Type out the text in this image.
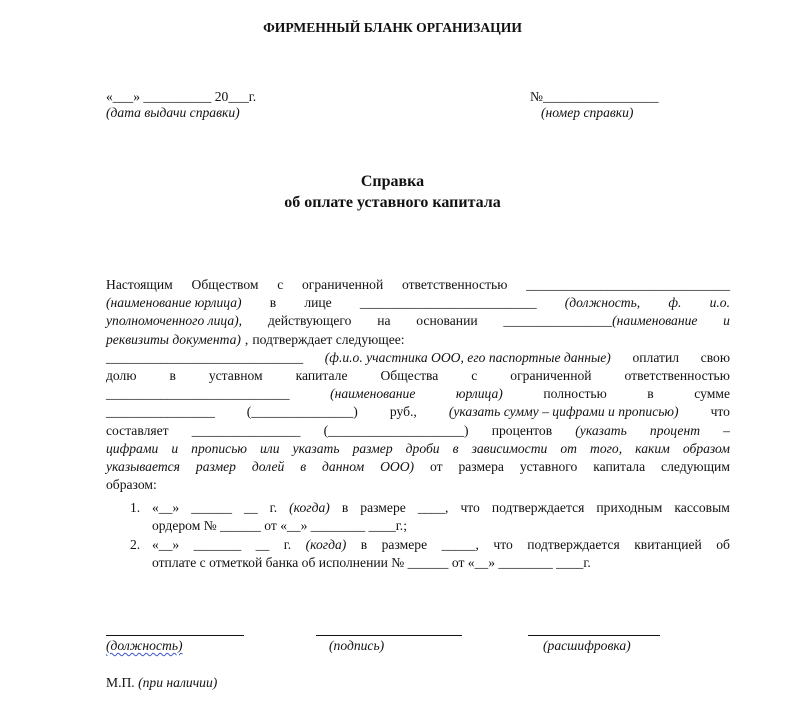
ФИРМЕННЫЙ БЛАНК ОРГАНИЗАЦИИ
«___» __________ 20___г.
(дата выдачи справки)
№_________________
(номер справки)
Справка
об оплате уставного капитала
Настоящим Обществом с ограниченной ответственностью ______________________________
(наименование юрлица) в лице __________________________ (должность, ф. и.о.
уполномоченного лица), действующего на основании ________________(наименование и
реквизиты документа) , подтверждает следующее:
_____________________________ (ф.и.о. участника ООО, его паспортные данные) оплатил свою
долю в уставном капитале Общества с ограниченной ответственностью
___________________________	(наименование	юрлица)	полностью	в	сумме
________________ (_______________) руб., (указать сумму – цифрами и прописью) что
составляет ________________ (____________________) процентов (указать процент –
цифрами и прописью или указать размер дроби в зависимости от того, каким образом
указывается размер долей в данном ООО) от размера уставного капитала следующим
образом:
1. «__» ______ __ г. (когда) в размере ____, что подтверждается приходным кассовым
ордером № ______ от «__» ________ ____г.;
2. «__» _______ __ г. (когда) в размере _____, что подтверждается квитанцией об
отплате с отметкой банка об исполнении № ______ от «__» ________ ____г.
(должность)	(подпись)	(расшифровка)
М.П. (при наличии)
